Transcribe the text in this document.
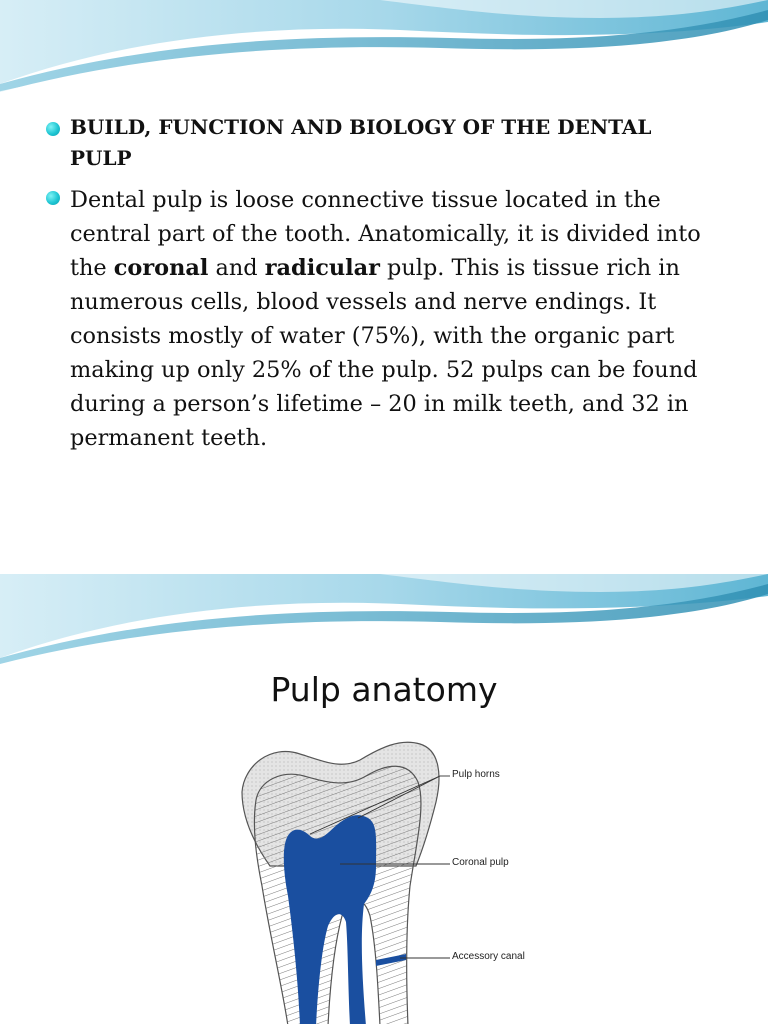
BUILD, FUNCTION AND BIOLOGY OF THE DENTAL PULP
Dental pulp is loose connective tissue located in the central part of the tooth. Anatomically, it is divided into the coronal and radicular pulp. This is tissue rich in numerous cells, blood vessels and nerve endings. It consists mostly of water (75%), with the organic part making up only 25% of the pulp. 52 pulps can be found during a person’s lifetime – 20 in milk teeth, and 32 in permanent teeth.
Pulp anatomy
Pulp horns
Coronal pulp
Accessory canal
